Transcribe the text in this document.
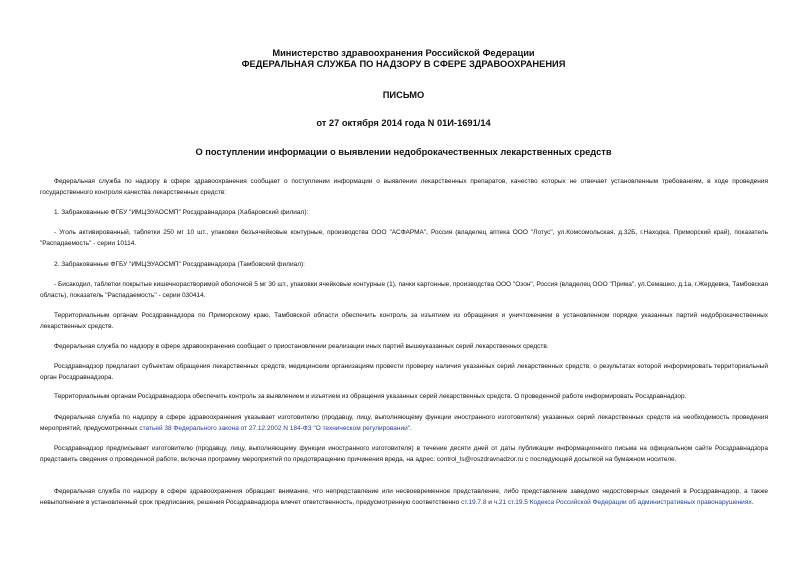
Министерство здравоохранения Российской Федерации
ФЕДЕРАЛЬНАЯ СЛУЖБА ПО НАДЗОРУ В СФЕРЕ ЗДРАВООХРАНЕНИЯ
ПИСЬМО
от 27 октября 2014 года N 01И-1691/14
О поступлении информации о выявлении недоброкачественных лекарственных средств
Федеральная служба по надзору в сфере здравоохранения сообщает о поступлении информации о выявлении лекарственных препаратов, качество которых не отвечает установленным требованиям, в ходе проведения государственного контроля качества лекарственных средств:
1. Забракованные ФГБУ "ИМЦЭУАОСМП" Росздравнадзора (Хабаровский филиал):
- Уголь активированный, таблетки 250 мг 10 шт., упаковки безъячейковые контурные, производства ООО "АСФАРМА", Россия (владелец аптека ООО "Лотус", ул.Комсомольская, д.32Б, г.Находка, Приморский край), показатель "Распадаемость" - серии 10114.
2. Забракованные ФГБУ "ИМЦЭУАОСМП" Росздравнадзора (Тамбовский филиал):
- Бисакодил, таблетки покрытые кишечнорастворимой оболочкой 5 мг 30 шт., упаковки ячейковые контурные (1), пачки картонные, производства ООО "Озон", Россия (владелец ООО "Прима", ул.Семашко, д.1а, г.Жердевка, Тамбовская область), показатель "Распадаемость" - серии 030414.
Территориальным органам Росздравнадзора по Приморскому краю, Тамбовской области обеспечить контроль за изъятием из обращения и уничтожением в установленном порядке указанных партий недоброкачественных лекарственных средств.
Федеральная служба по надзору в сфере здравоохранения сообщает о приостановлении реализации иных партий вышеуказанных серий лекарственных средств.
Росздравнадзор предлагает субъектам обращения лекарственных средств, медицинским организациям провести проверку наличия указанных серий лекарственных средств, о результатах которой информировать территориальный орган Росздравнадзора.
Территориальным органам Росздравнадзора обеспечить контроль за выявлением и изъятием из обращения указанных серий лекарственных средств. О проведенной работе информировать Росздравнадзор.
Федеральная служба по надзору в сфере здравоохранения указывает изготовителю (продавцу, лицу, выполняющему функции иностранного изготовителя) указанных серий лекарственных средств на необходимость проведения мероприятий, предусмотренных статьей 38 Федерального закона от 27.12.2002 N 184-ФЗ "О техническом регулировании".
Росздравнадзор предписывает изготовителю (продавцу, лицу, выполняющему функции иностранного изготовителя) в течение десяти дней от даты публикации информационного письма на официальном сайте Росздравнадзора представить сведения о проведенной работе, включая программу мероприятий по предотвращению причинения вреда, на адрес: control_ls@roszdravnadzor.ru с последующей досылкой на бумажном носителе.
Федеральная служба по надзору в сфере здравоохранения обращает внимание, что непредставление или несвоевременное представление, либо представление заведомо недостоверных сведений в Росздравнадзор, а также невыполнение в установленный срок предписания, решения Росздравнадзора влечет ответственность, предусмотренную соответственно ст.19.7.8 и ч.21 ст.19.5 Кодекса Российской Федерации об административных правонарушениях.
